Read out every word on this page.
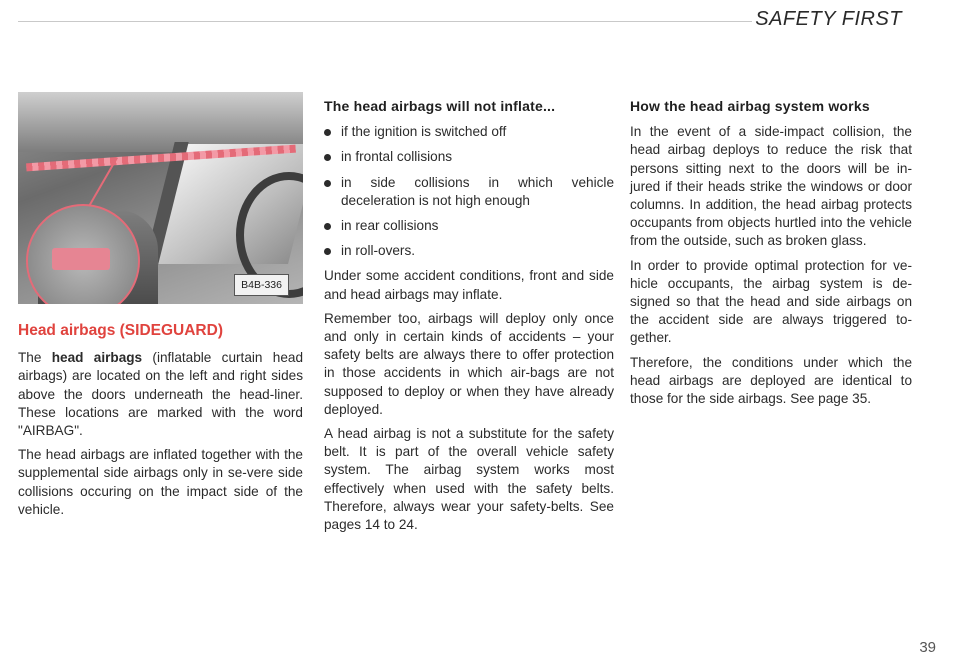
SAFETY FIRST
B4B-336
Head airbags (SIDEGUARD)

The head airbags (inflatable curtain head airbags) are located on the left and right sides above the doors underneath the head-liner. These locations are marked with the word "AIRBAG".

The head airbags are inflated together with the supplemental side airbags only in se-vere side collisions occuring on the impact side of the vehicle.

The head airbags will not inflate...

if the ignition is switched off

in frontal collisions

in side collisions in which vehicle deceleration is not high enough

in rear collisions

in roll-overs.

Under some accident conditions, front and side and head airbags may inflate.

Remember too, airbags will deploy only once and only in certain kinds of accidents – your safety belts are always there to offer protection in those accidents in which air-bags are not supposed to deploy or when they have already deployed.

A head airbag is not a substitute for the safety belt. It is part of the overall vehicle safety system. The airbag system works most effectively when used with the safety belts. Therefore, always wear your safety-belts. See pages 14 to 24.

How the head airbag system works

In the event of a side-impact collision, the head airbag deploys to reduce the risk that persons sitting next to the doors will be in-jured if their heads strike the windows or door columns. In addition, the head airbag protects occupants from objects hurtled into the vehicle from the outside, such as broken glass.

In order to provide optimal protection for ve-hicle occupants, the airbag system is de-signed so that the head and side airbags on the accident side are always triggered to-gether.

Therefore, the conditions under which the head airbags are deployed are identical to those for the side airbags. See page 35.

39
